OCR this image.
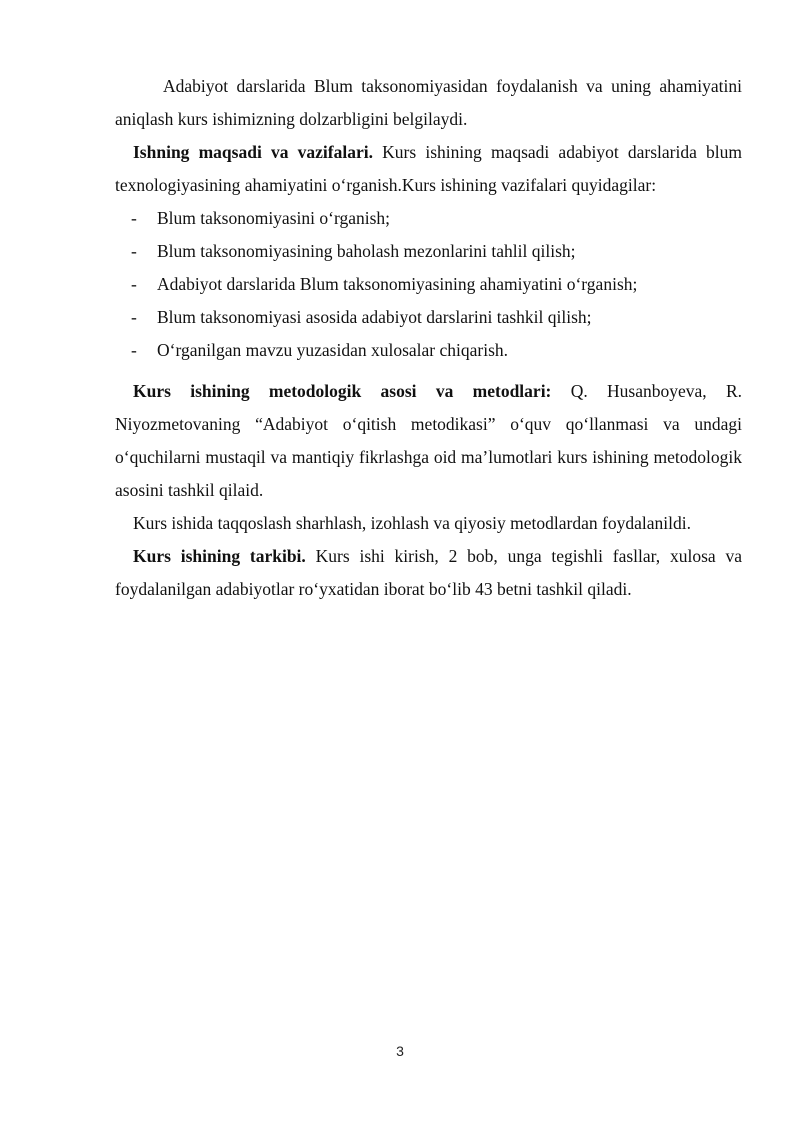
Adabiyot darslarida Blum taksonomiyasidan foydalanish va uning ahamiyatini aniqlash kurs ishimizning dolzarbligini belgilaydi.

Ishning maqsadi va vazifalari. Kurs ishining maqsadi adabiyot darslarida blum texnologiyasining ahamiyatini o‘rganish.Kurs ishining vazifalari quyidagilar:

- Blum taksonomiyasini o‘rganish;
- Blum taksonomiyasining baholash mezonlarini tahlil qilish;
- Adabiyot darslarida Blum taksonomiyasining ahamiyatini o‘rganish;
- Blum taksonomiyasi asosida adabiyot darslarini tashkil qilish;
- O‘rganilgan mavzu yuzasidan xulosalar chiqarish.

Kurs ishining metodologik asosi va metodlari: Q. Husanboyeva, R. Niyozmetovaning “Adabiyot o‘qitish metodikasi” o‘quv qo‘llanmasi va undagi o‘quchilarni mustaqil va mantiqiy fikrlashga oid ma’lumotlari kurs ishining metodologik asosini tashkil qilaid.

Kurs ishida taqqoslash sharhlash, izohlash va qiyosiy metodlardan foydalanildi.

Kurs ishining tarkibi. Kurs ishi kirish, 2 bob, unga tegishli fasllar, xulosa va foydalanilgan adabiyotlar ro‘yxatidan iborat bo‘lib 43 betni tashkil qiladi.

3
